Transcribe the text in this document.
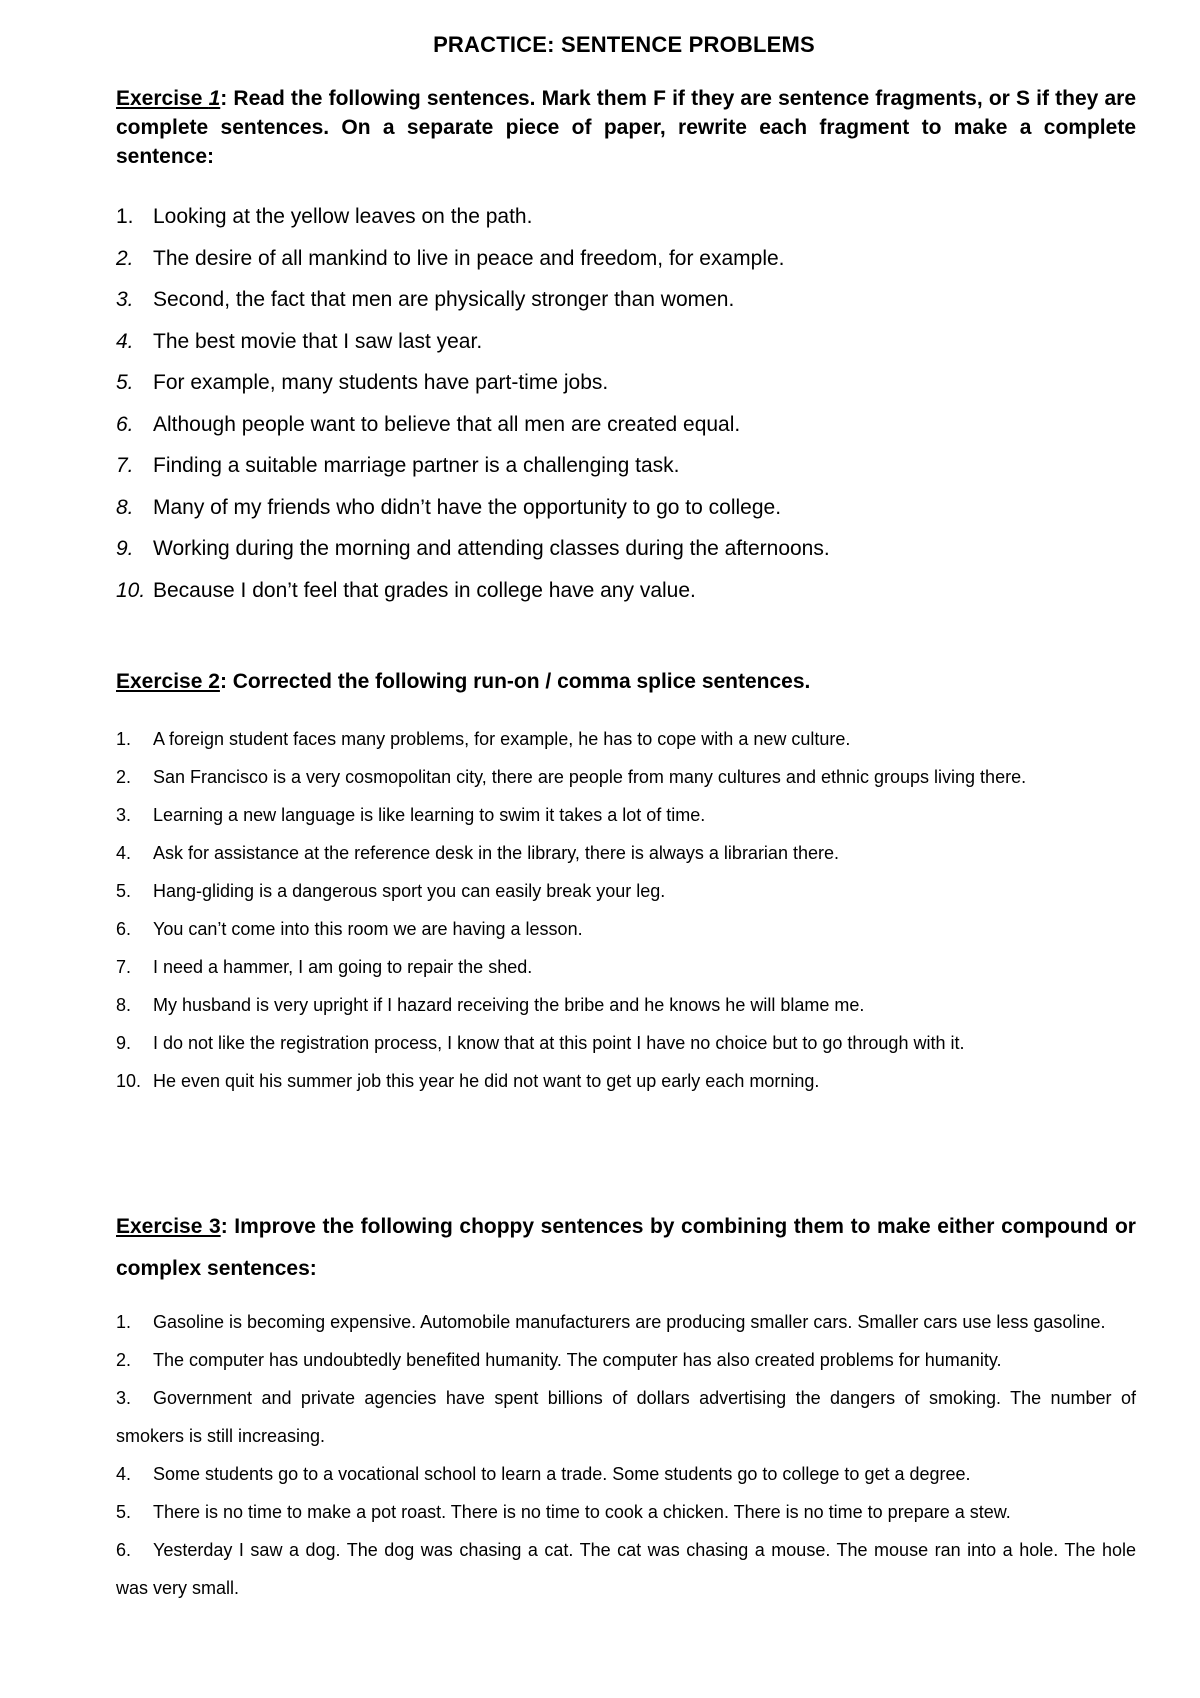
PRACTICE: SENTENCE PROBLEMS
Exercise 1: Read the following sentences. Mark them F if they are sentence fragments, or S if they are complete sentences. On a separate piece of paper, rewrite each fragment to make a complete sentence:
1. Looking at the yellow leaves on the path.
2. The desire of all mankind to live in peace and freedom, for example.
3. Second, the fact that men are physically stronger than women.
4. The best movie that I saw last year.
5. For example, many students have part-time jobs.
6. Although people want to believe that all men are created equal.
7. Finding a suitable marriage partner is a challenging task.
8. Many of my friends who didn’t have the opportunity to go to college.
9. Working during the morning and attending classes during the afternoons.
10. Because I don’t feel that grades in college have any value.
Exercise 2: Corrected the following run-on / comma splice sentences.
1. A foreign student faces many problems, for example, he has to cope with a new culture.
2. San Francisco is a very cosmopolitan city, there are people from many cultures and ethnic groups living there.
3. Learning a new language is like learning to swim it takes a lot of time.
4. Ask for assistance at the reference desk in the library, there is always a librarian there.
5. Hang-gliding is a dangerous sport you can easily break your leg.
6. You can’t come into this room we are having a lesson.
7. I need a hammer, I am going to repair the shed.
8. My husband is very upright if I hazard receiving the bribe and he knows he will blame me.
9. I do not like the registration process, I know that at this point I have no choice but to go through with it.
10. He even quit his summer job this year he did not want to get up early each morning.
Exercise 3: Improve the following choppy sentences by combining them to make either compound or complex sentences:
1. Gasoline is becoming expensive. Automobile manufacturers are producing smaller cars. Smaller cars use less gasoline.
2. The computer has undoubtedly benefited humanity. The computer has also created problems for humanity.
3. Government and private agencies have spent billions of dollars advertising the dangers of smoking. The number of smokers is still increasing.
4. Some students go to a vocational school to learn a trade. Some students go to college to get a degree.
5. There is no time to make a pot roast. There is no time to cook a chicken. There is no time to prepare a stew.
6. Yesterday I saw a dog. The dog was chasing a cat. The cat was chasing a mouse. The mouse ran into a hole. The hole was very small.
